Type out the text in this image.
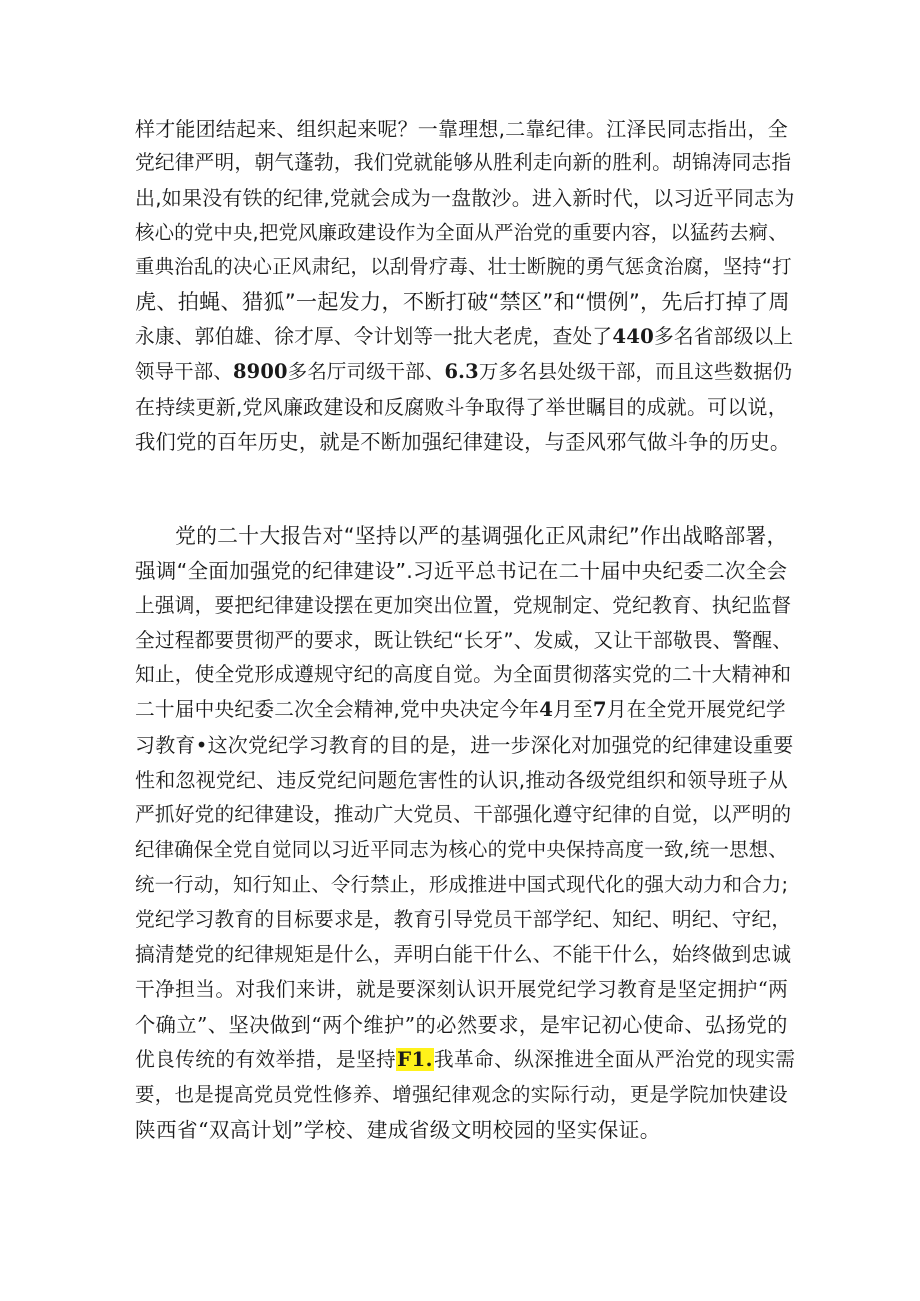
样才能团结起来、组织起来呢？一靠理想,二靠纪律。江泽民同志指出，全
党纪律严明，朝气蓬勃，我们党就能够从胜利走向新的胜利。胡锦涛同志指
出,如果没有铁的纪律,党就会成为一盘散沙。进入新时代，以习近平同志为
核心的党中央,把党风廉政建设作为全面从严治党的重要内容，以猛药去痾、
重典治乱的决心正风肃纪，以刮骨疗毒、壮士断腕的勇气惩贪治腐，坚持“打
虎、拍蝇、猎狐”一起发力，不断打破“禁区”和“惯例”，先后打掉了周
永康、郭伯雄、徐才厚、令计划等一批大老虎，查处了440多名省部级以上
领导干部、8900多名厅司级干部、6.3万多名县处级干部，而且这些数据仍
在持续更新,党风廉政建设和反腐败斗争取得了举世瞩目的成就。可以说，
我们党的百年历史，就是不断加强纪律建设，与歪风邪气做斗争的历史。
党的二十大报告对“坚持以严的基调强化正风肃纪”作出战略部署，
强调“全面加强党的纪律建设”.习近平总书记在二十届中央纪委二次全会
上强调，要把纪律建设摆在更加突出位置，党规制定、党纪教育、执纪监督
全过程都要贯彻严的要求，既让铁纪“长牙”、发威，又让干部敬畏、警醒、
知止，使全党形成遵规守纪的高度自觉。为全面贯彻落实党的二十大精神和
二十届中央纪委二次全会精神,党中央决定今年4月至7月在全党开展党纪学
习教育•这次党纪学习教育的目的是，进一步深化对加强党的纪律建设重要
性和忽视党纪、违反党纪问题危害性的认识,推动各级党组织和领导班子从
严抓好党的纪律建设，推动广大党员、干部强化遵守纪律的自觉，以严明的
纪律确保全党自觉同以习近平同志为核心的党中央保持高度一致,统一思想、
统一行动，知行知止、令行禁止，形成推进中国式现代化的强大动力和合力;
党纪学习教育的目标要求是，教育引导党员干部学纪、知纪、明纪、守纪，
搞清楚党的纪律规矩是什么，弄明白能干什么、不能干什么，始终做到忠诚
干净担当。对我们来讲，就是要深刻认识开展党纪学习教育是坚定拥护“两
个确立”、坚决做到“两个维护”的必然要求，是牢记初心使命、弘扬党的
优良传统的有效举措，是坚持F1.我革命、纵深推进全面从严治党的现实需
要，也是提高党员党性修养、增强纪律观念的实际行动，更是学院加快建设
陕西省“双高计划”学校、建成省级文明校园的坚实保证。
